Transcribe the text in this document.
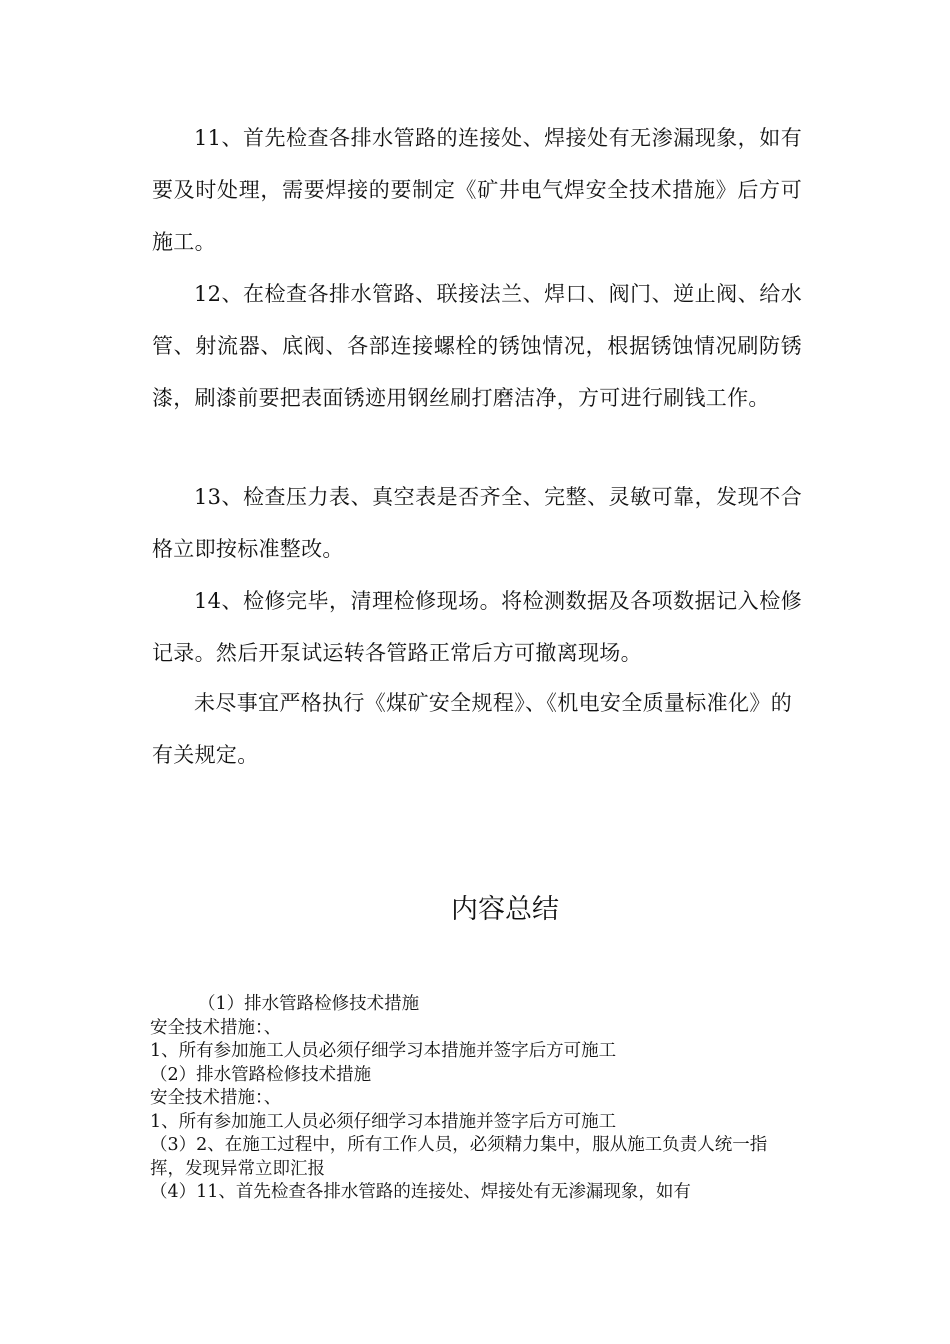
11、首先检查各排水管路的连接处、焊接处有无渗漏现象，如有要及时处理，需要焊接的要制定《矿井电气焊安全技术措施》后方可施工。

12、在检查各排水管路、联接法兰、焊口、阀门、逆止阀、给水管、射流器、底阀、各部连接螺栓的锈蚀情况，根据锈蚀情况刷防锈漆，刷漆前要把表面锈迹用钢丝刷打磨洁净，方可进行刷钱工作。

13、检查压力表、真空表是否齐全、完整、灵敏可靠，发现不合格立即按标准整改。

14、检修完毕，清理检修现场。将检测数据及各项数据记入检修记录。然后开泵试运转各管路正常后方可撤离现场。

未尽事宜严格执行《煤矿安全规程》、《机电安全质量标准化》的有关规定。

内容总结

（1）排水管路检修技术措施

安全技术措施：、

1、所有参加施工人员必须仔细学习本措施并签字后方可施工

（2）排水管路检修技术措施

安全技术措施：、

1、所有参加施工人员必须仔细学习本措施并签字后方可施工

（3）2、在施工过程中，所有工作人员，必须精力集中，服从施工负责人统一指挥，发现异常立即汇报

（4）11、首先检查各排水管路的连接处、焊接处有无渗漏现象，如有
